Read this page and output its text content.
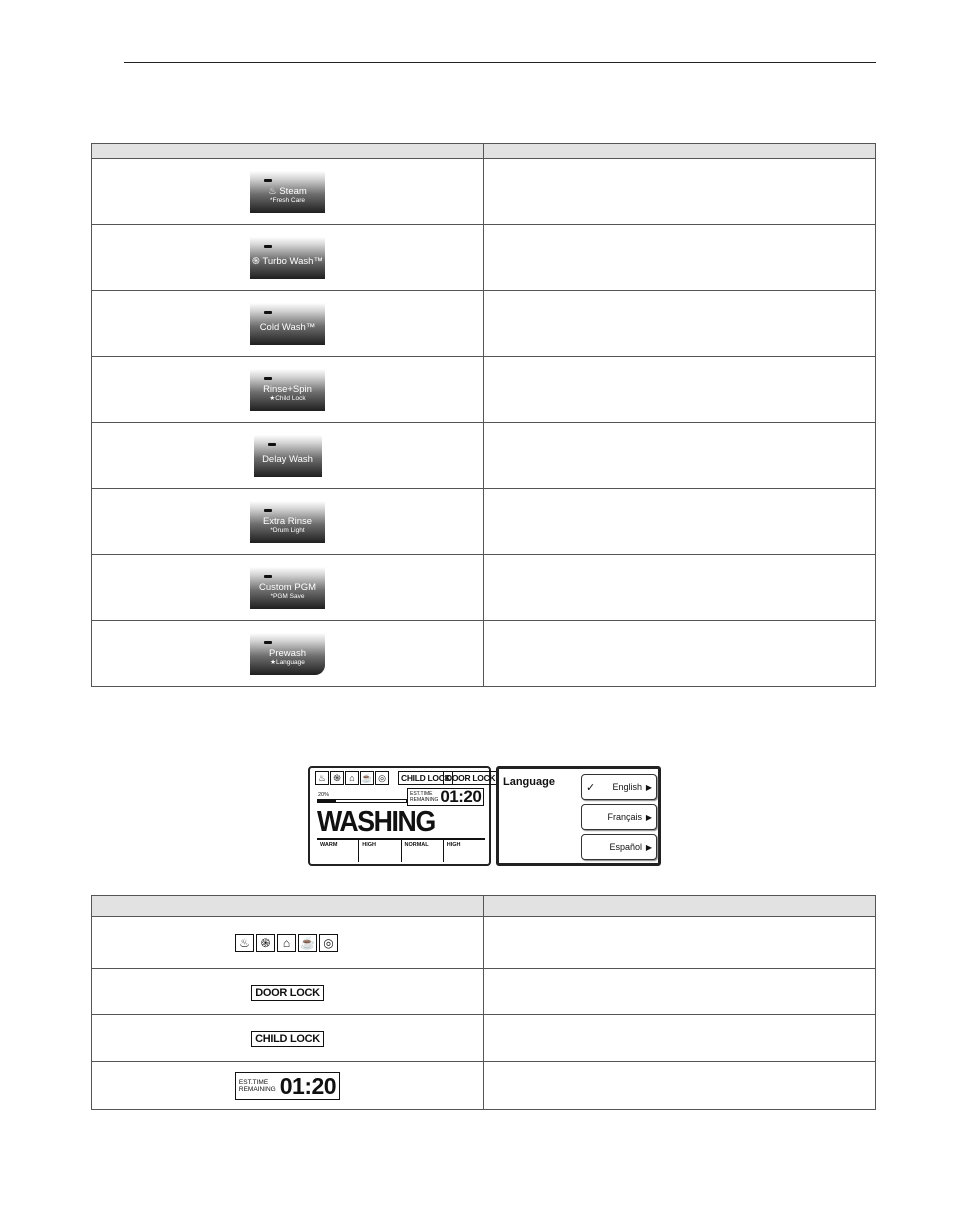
♨ Steam
*Fresh Care	

֍ Turbo Wash™	

Cold Wash™	

Rinse+Spin
★Child Lock	

Delay Wash	

Extra Rinse
*Drum Light	

Custom PGM
*PGM Save	

Prewash
★Language	

♨ ֍ ⌂ ☕ ◎	CHILD LOCK
DOOR LOCK
20%	EST.TIME
REMAINING 01:20
WASHING
WARM	HIGH	NORMAL	HIGH
Language	✓ English ▶
Français ▶
Español ▶

♨ ֍ ⌂ ☕ ◎	

DOOR LOCK	
CHILD LOCK	

EST.TIME
REMAINING 01:20	
